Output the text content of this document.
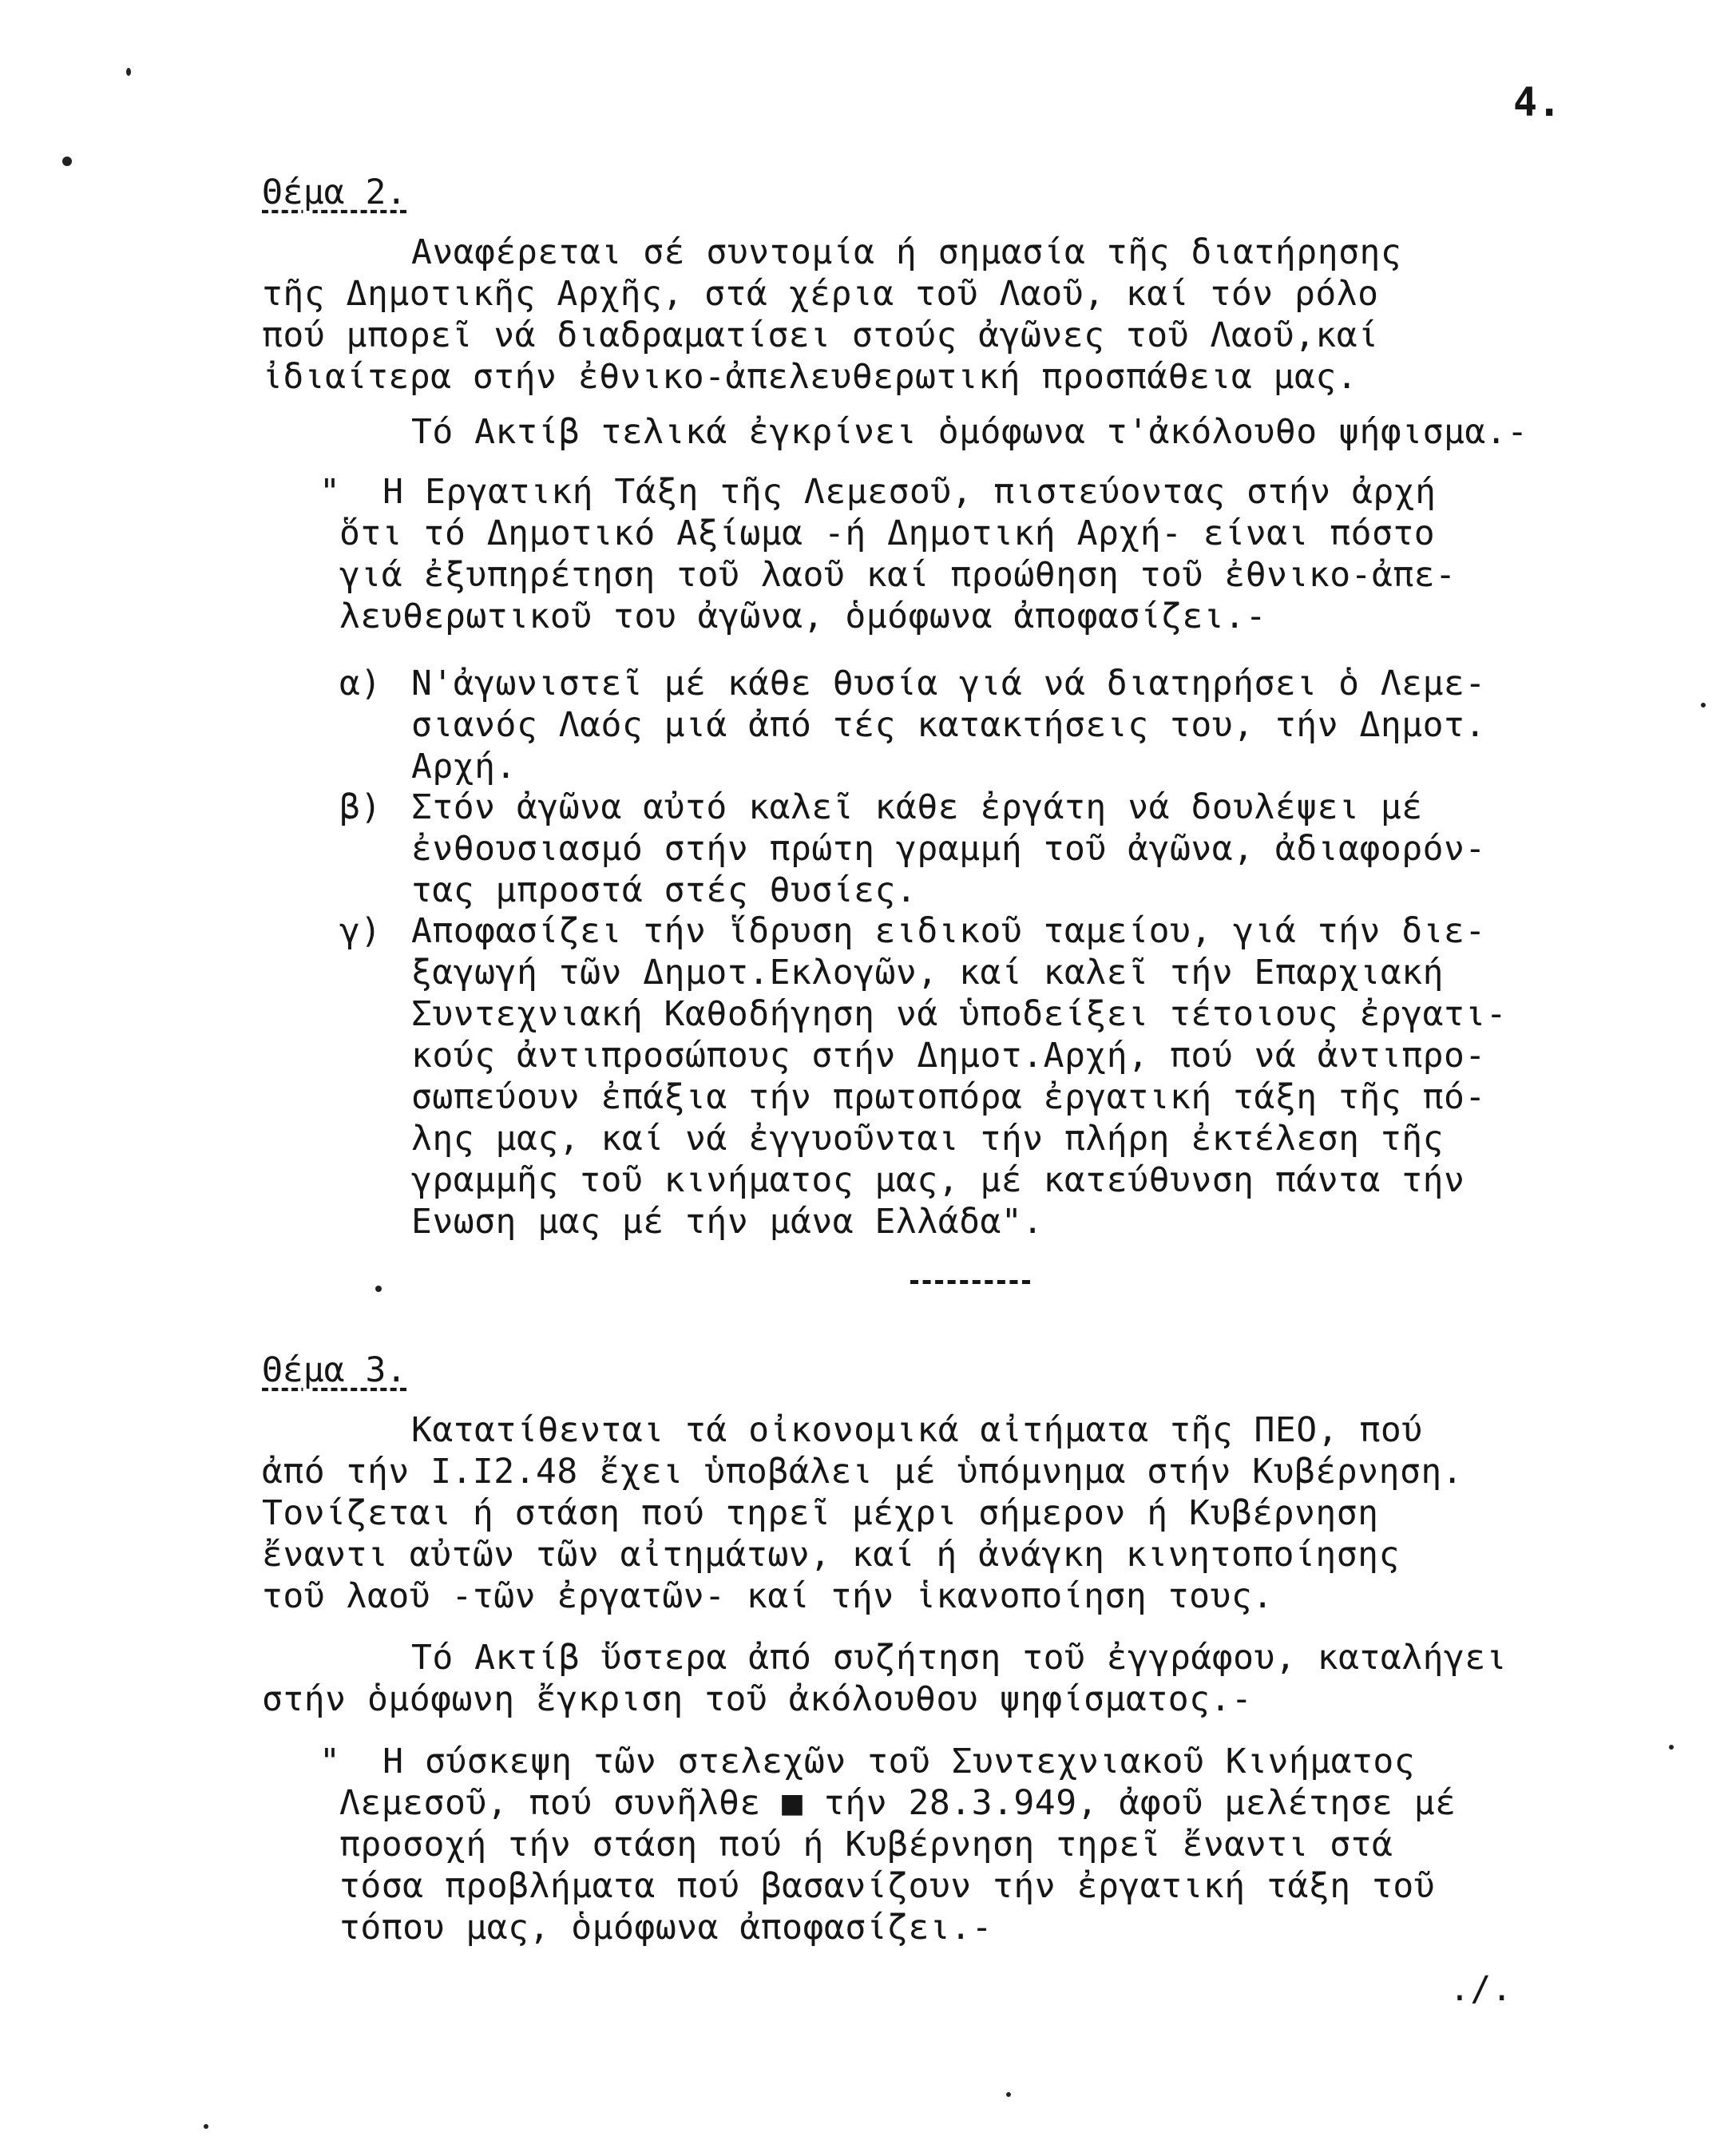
4.
Θέμα 2.
Αναφέρεται σέ συντομία ή σημασία τῆς διατήρησης
τῆς Δημοτικῆς Αρχῆς, στά χέρια τοῦ Λαοῦ, καί τόν ρόλο
πού μπορεῖ νά διαδραματίσει στούς ἀγῶνες τοῦ Λαοῦ,καί
ἰδιαίτερα στήν ἐθνικο-ἀπελευθερωτική προσπάθεια μας.
Τό Ακτίβ τελικά ἐγκρίνει ὁμόφωνα τ'ἀκόλουθο ψήφισμα.-
"  Η Εργατική Τάξη τῆς Λεμεσοῦ, πιστεύοντας στήν ἀρχή
ὅτι τό Δημοτικό Αξίωμα -ή Δημοτική Αρχή- είναι πόστο
γιά ἐξυπηρέτηση τοῦ λαοῦ καί προώθηση τοῦ ἐθνικο-ἀπε-
λευθερωτικοῦ του ἀγῶνα, ὁμόφωνα ἀποφασίζει.-
α) Ν'ἀγωνιστεῖ μέ κάθε θυσία γιά νά διατηρήσει ὁ Λεμε-
σιανός Λαός μιά ἀπό τές κατακτήσεις του, τήν Δημοτ.
Αρχή.
β) Στόν ἀγῶνα αὐτό καλεῖ κάθε ἐργάτη νά δουλέψει μέ
ἐνθουσιασμό στήν πρώτη γραμμή τοῦ ἀγῶνα, ἀδιαφορόν-
τας μπροστά στές θυσίες.
γ) Αποφασίζει τήν ἵδρυση ειδικοῦ ταμείου, γιά τήν διε-
ξαγωγή τῶν Δημοτ.Εκλογῶν, καί καλεῖ τήν Επαρχιακή
Συντεχνιακή Καθοδήγηση νά ὑποδείξει τέτοιους ἐργατι-
κούς ἀντιπροσώπους στήν Δημοτ.Αρχή, πού νά ἀντιπρο-
σωπεύουν ἐπάξια τήν πρωτοπόρα ἐργατική τάξη τῆς πό-
λης μας, καί νά ἐγγυοῦνται τήν πλήρη ἐκτέλεση τῆς
γραμμῆς τοῦ κινήματος μας, μέ κατεύθυνση πάντα τήν
Ενωση μας μέ τήν μάνα Ελλάδα".
Θέμα 3.
Κατατίθενται τά οἰκονομικά αἰτήματα τῆς ΠΕΟ, πού
ἀπό τήν Ι.Ι2.48 ἔχει ὑποβάλει μέ ὑπόμνημα στήν Κυβέρνηση.
Τονίζεται ή στάση πού τηρεῖ μέχρι σήμερον ή Κυβέρνηση
ἔναντι αὐτῶν τῶν αἰτημάτων, καί ή ἀνάγκη κινητοποίησης
τοῦ λαοῦ -τῶν ἐργατῶν- καί τήν ἱκανοποίηση τους.
Τό Ακτίβ ὕστερα ἀπό συζήτηση τοῦ ἐγγράφου, καταλήγει
στήν ὁμόφωνη ἔγκριση τοῦ ἀκόλουθου ψηφίσματος.-
"  Η σύσκεψη τῶν στελεχῶν τοῦ Συντεχνιακοῦ Κινήματος
Λεμεσοῦ, πού συνῆλθε ■ τήν 28.3.949, ἀφοῦ μελέτησε μέ
προσοχή τήν στάση πού ή Κυβέρνηση τηρεῖ ἔναντι στά
τόσα προβλήματα πού βασανίζουν τήν ἐργατική τάξη τοῦ
τόπου μας, ὁμόφωνα ἀποφασίζει.-
./.
